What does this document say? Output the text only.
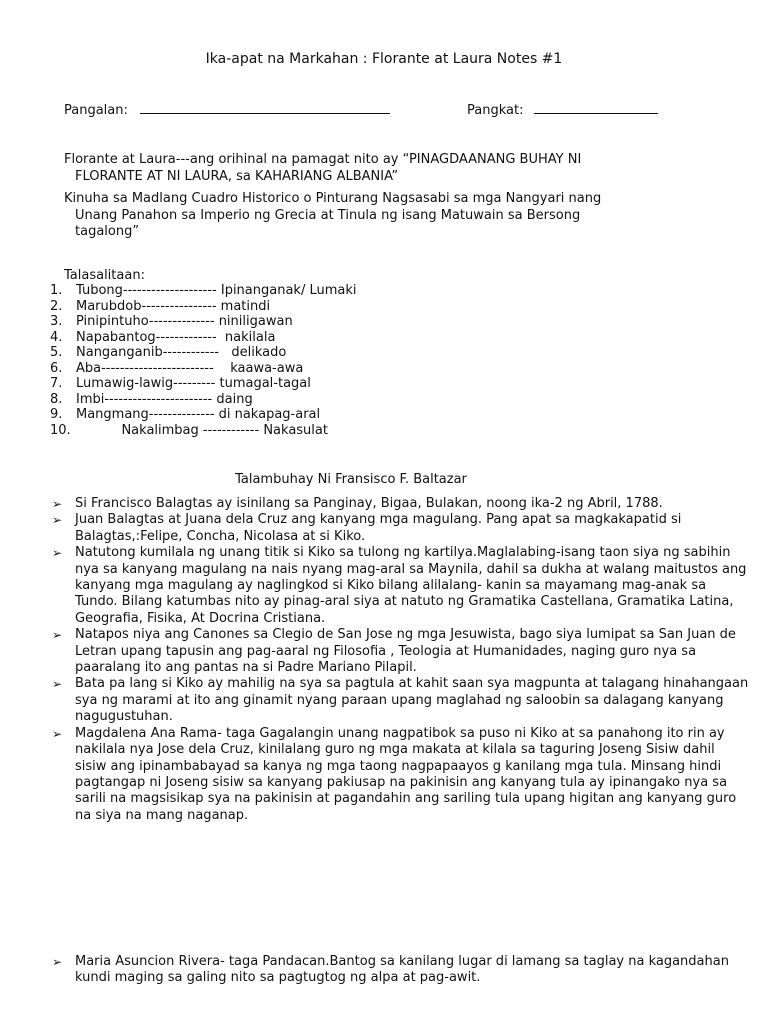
Ika-apat na Markahan : Florante at Laura Notes #1
Pangalan:	Pangkat:
Florante at Laura---ang orihinal na pamagat nito ay “PINAGDAANANG BUHAY NI
FLORANTE AT NI LAURA, sa KAHARIANG ALBANIA”
Kinuha sa Madlang Cuadro Historico o Pinturang Nagsasabi sa mga Nangyari nang
Unang Panahon sa Imperio ng Grecia at Tinula ng isang Matuwain sa Bersong
tagalong”
Talasalitaan:
1. Tubong-------------------- Ipinanganak/ Lumaki
2. Marubdob---------------- matindi
3. Pinipintuho-------------- niniligawan
4. Napabantog-------------  nakilala
5. Nanganganib------------   delikado
6. Aba------------------------    kaawa-awa
7. Lumawig-lawig--------- tumagal-tagal
8. Imbi----------------------- daing
9. Mangmang-------------- di nakapag-aral
10.           Nakalimbag ------------ Nakasulat
Talambuhay Ni Fransisco F. Baltazar
➢ Si Francisco Balagtas ay isinilang sa Panginay, Bigaa, Bulakan, noong ika-2 ng Abril, 1788.
➢ Juan Balagtas at Juana dela Cruz ang kanyang mga magulang. Pang apat sa magkakapatid si Balagtas,:Felipe, Concha, Nicolasa at si Kiko.
➢ Natutong kumilala ng unang titik si Kiko sa tulong ng kartilya.Maglalabing-isang taon siya ng sabihin nya sa kanyang magulang na nais nyang mag-aral sa Maynila, dahil sa dukha at walang maitustos ang kanyang mga magulang ay naglingkod si Kiko bilang alilalang- kanin sa mayamang mag-anak sa Tundo. Bilang katumbas nito ay pinag-aral siya at natuto ng Gramatika Castellana, Gramatika Latina, Geografia, Fisika, At Docrina Cristiana.
➢ Natapos niya ang Canones sa Clegio de San Jose ng mga Jesuwista, bago siya lumipat sa San Juan de Letran upang tapusin ang pag-aaral ng Filosofia , Teologia at Humanidades, naging guro nya sa paaralang ito ang pantas na si Padre Mariano Pilapil.
➢ Bata pa lang si Kiko ay mahilig na sya sa pagtula at kahit saan sya magpunta at talagang hinahangaan sya ng marami at ito ang ginamit nyang paraan upang maglahad ng saloobin sa dalagang kanyang nagugustuhan.
➢ Magdalena Ana Rama- taga Gagalangin unang nagpatibok sa puso ni Kiko at sa panahong ito rin ay nakilala nya Jose dela Cruz, kinilalang guro ng mga makata at kilala sa taguring Joseng Sisiw dahil sisiw ang ipinambabayad sa kanya ng mga taong nagpapaayos g kanilang mga tula. Minsang hindi pagtangap ni Joseng sisiw sa kanyang pakiusap na pakinisin ang kanyang tula ay ipinangako nya sa sarili na magsisikap sya na pakinisin at pagandahin ang sariling tula upang higitan ang kanyang guro na siya na mang naganap.
➢ Maria Asuncion Rivera- taga Pandacan.Bantog sa kanilang lugar di lamang sa taglay na kagandahan kundi maging sa galing nito sa pagtugtog ng alpa at pag-awit.
